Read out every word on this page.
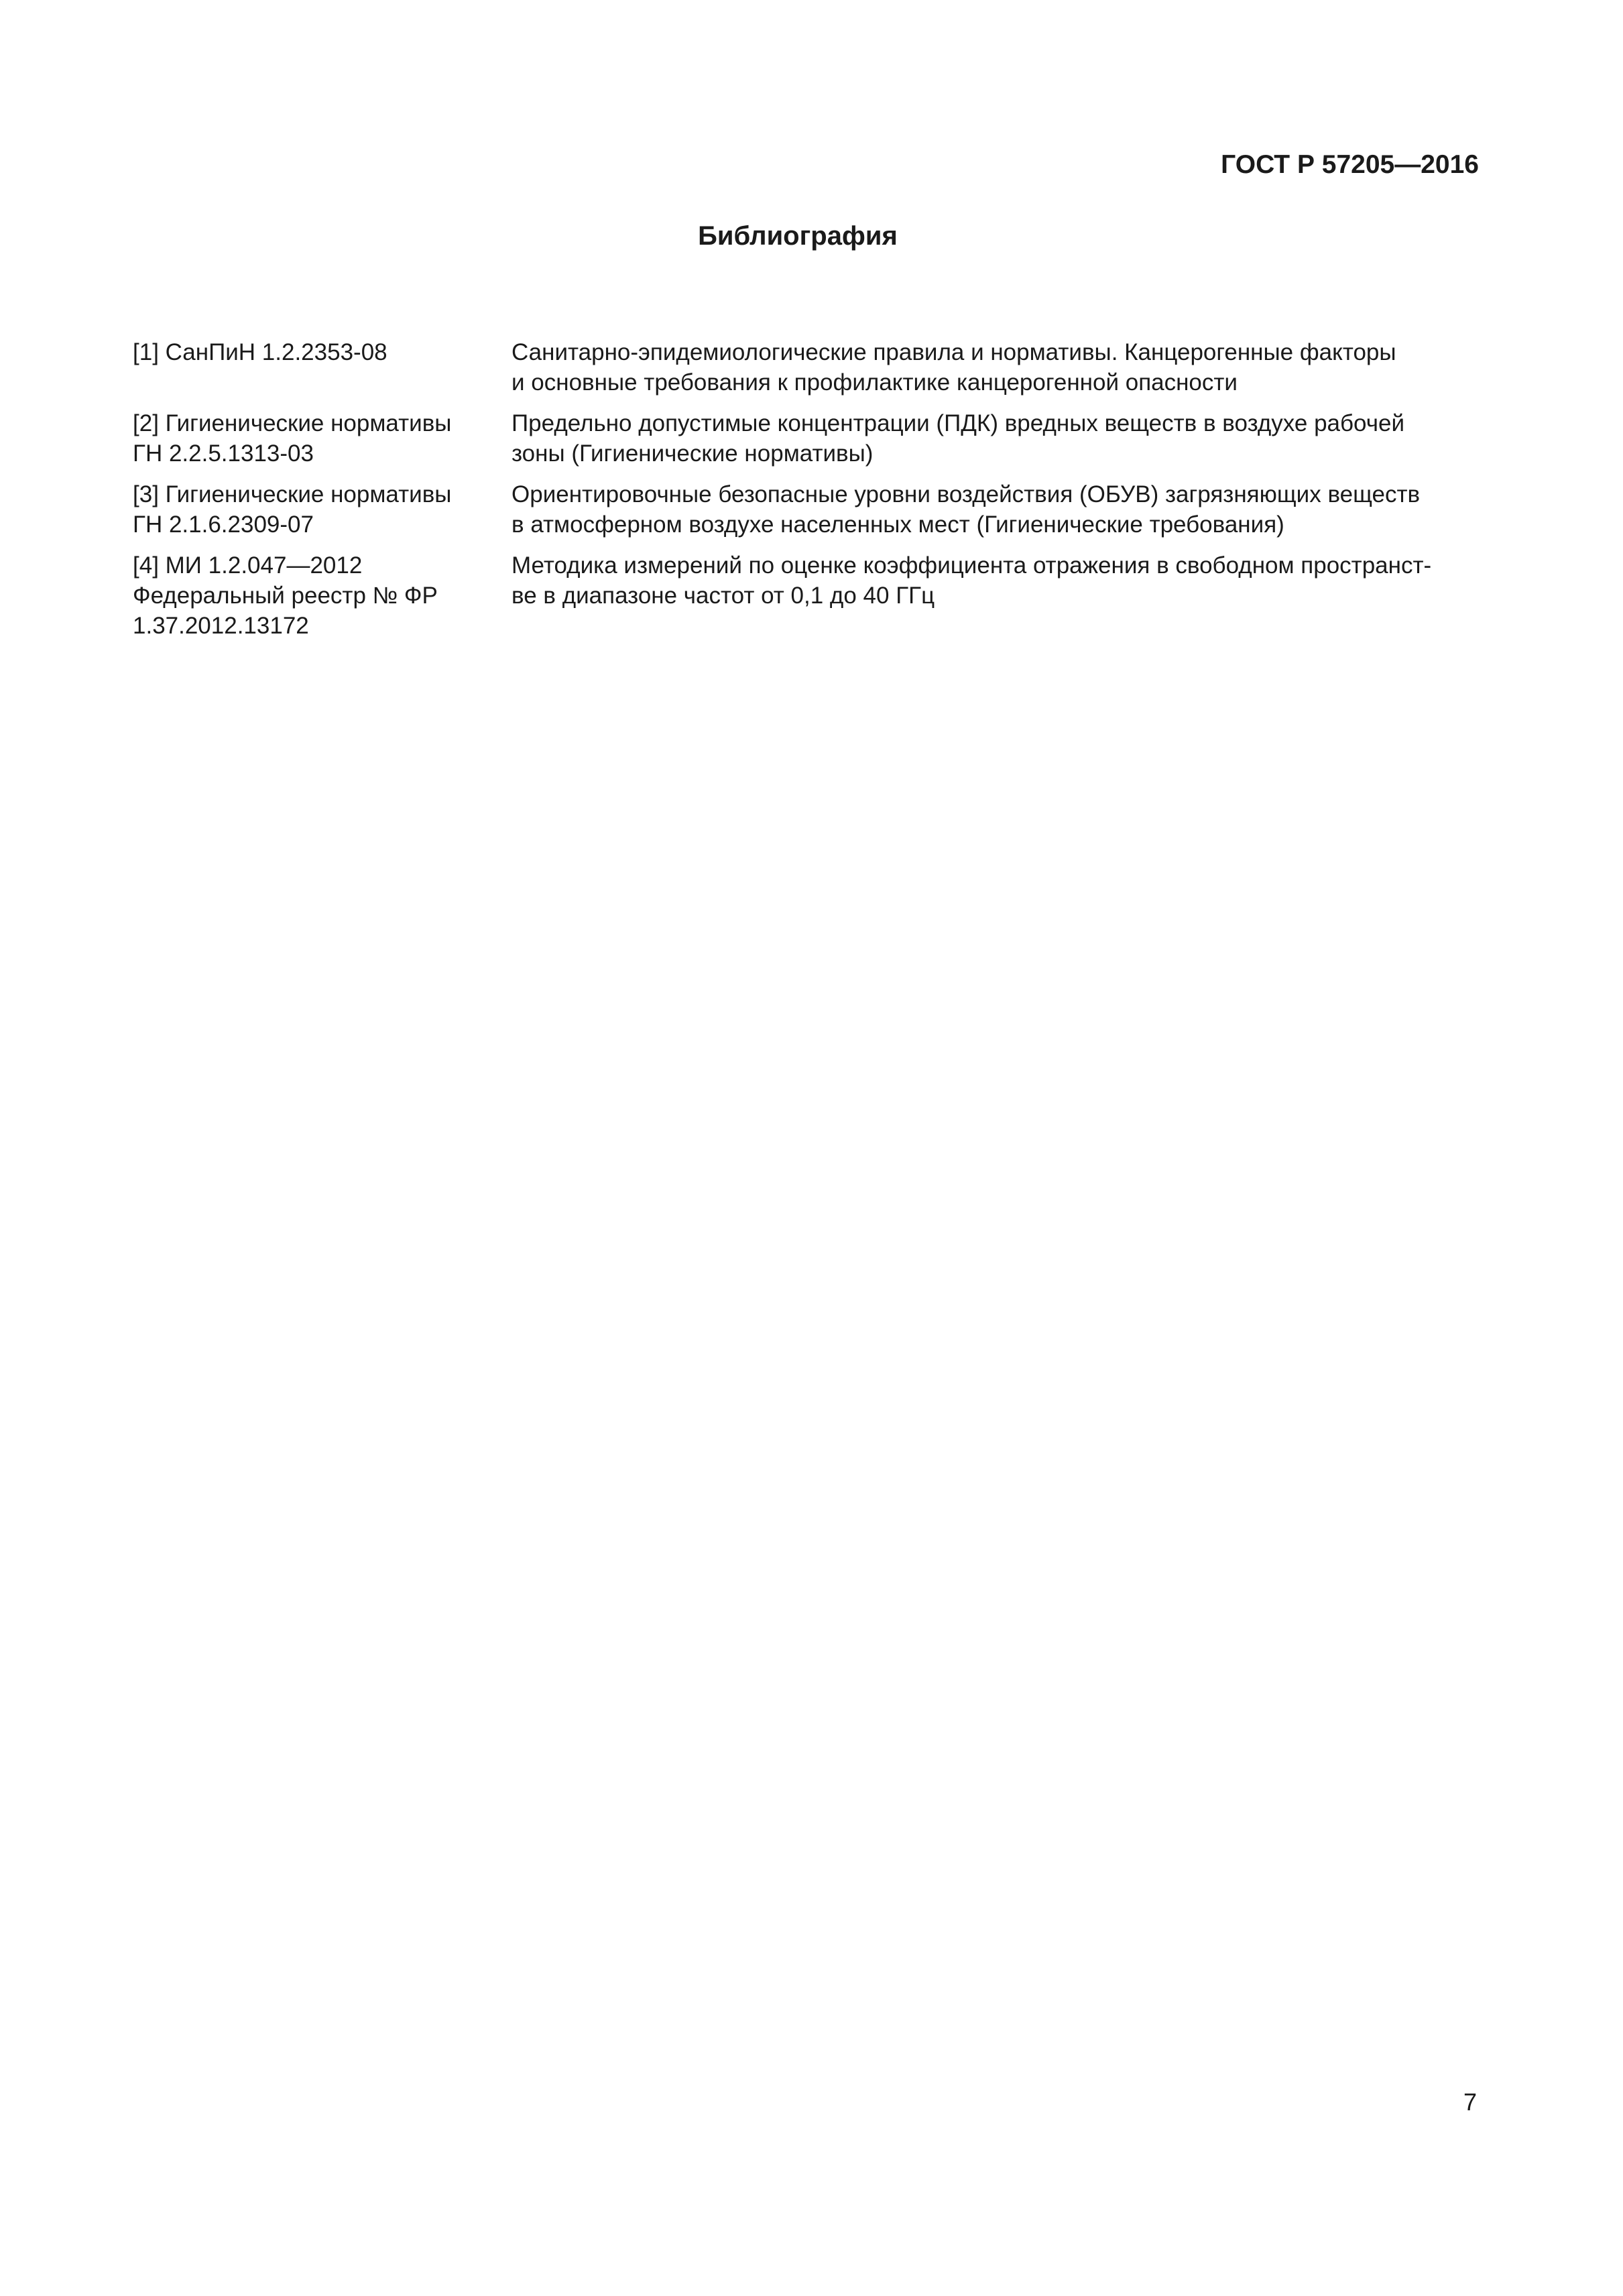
ГОСТ Р 57205—2016
Библиография
[1] СанПиН 1.2.2353-08	Санитарно-эпидемиологические правила и нормативы. Канцерогенные факторы
и основные требования к профилактике канцерогенной опасности
[2] Гигиенические нормативы
ГН 2.2.5.1313-03
Предельно допустимые концентрации (ПДК) вредных веществ в воздухе рабочей
зоны (Гигиенические нормативы)
[3] Гигиенические нормативы
ГН 2.1.6.2309-07
Ориентировочные безопасные уровни воздействия (ОБУВ) загрязняющих веществ
в атмосферном воздухе населенных мест (Гигиенические требования)
[4] МИ 1.2.047—2012
Федеральный реестр № ФР
1.37.2012.13172
Методика измерений по оценке коэффициента отражения в свободном пространст-
ве в диапазоне частот от 0,1 до 40 ГГц
7
